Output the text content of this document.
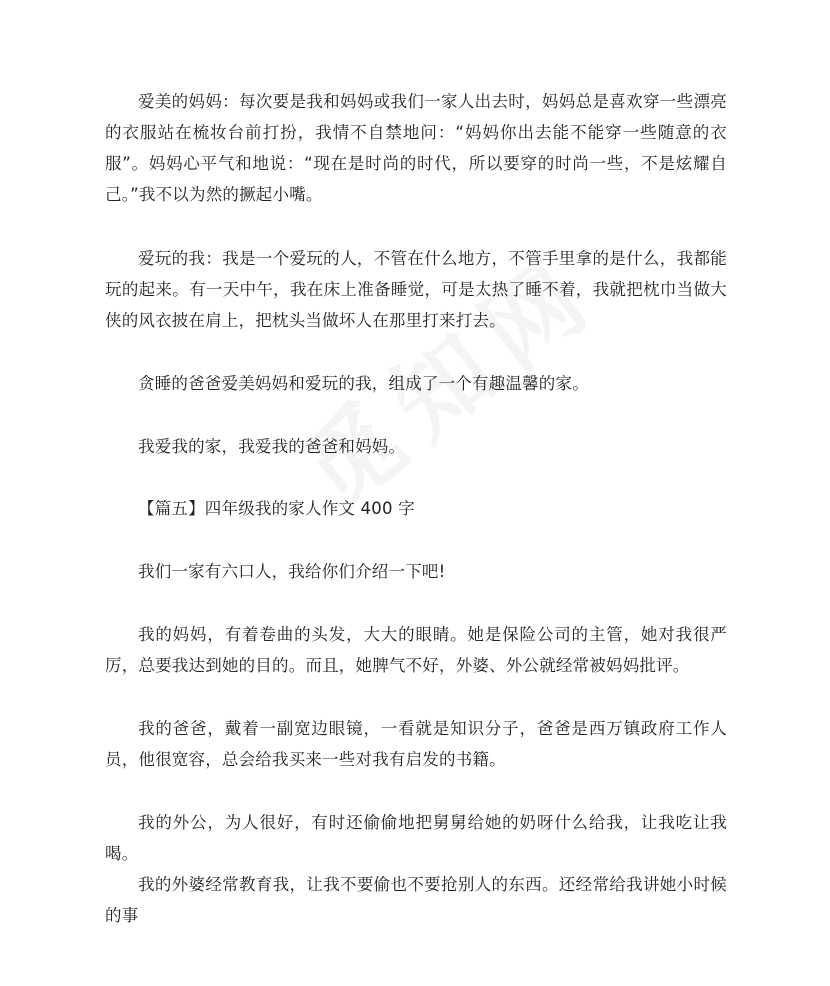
爱美的妈妈：每次要是我和妈妈或我们一家人出去时，妈妈总是喜欢穿一些漂亮的衣服站在梳妆台前打扮，我情不自禁地问：“妈妈你出去能不能穿一些随意的衣服”。妈妈心平气和地说：“现在是时尚的时代，所以要穿的时尚一些，不是炫耀自己。”我不以为然的撅起小嘴。

爱玩的我：我是一个爱玩的人，不管在什么地方，不管手里拿的是什么，我都能玩的起来。有一天中午，我在床上准备睡觉，可是太热了睡不着，我就把枕巾当做大侠的风衣披在肩上，把枕头当做坏人在那里打来打去。

贪睡的爸爸爱美妈妈和爱玩的我，组成了一个有趣温馨的家。

我爱我的家，我爱我的爸爸和妈妈。

【篇五】四年级我的家人作文 400 字

我们一家有六口人，我给你们介绍一下吧!

我的妈妈，有着卷曲的头发，大大的眼睛。她是保险公司的主管，她对我很严厉，总要我达到她的目的。而且，她脾气不好，外婆、外公就经常被妈妈批评。

我的爸爸，戴着一副宽边眼镜，一看就是知识分子，爸爸是西万镇政府工作人员，他很宽容，总会给我买来一些对我有启发的书籍。

我的外公，为人很好，有时还偷偷地把舅舅给她的奶呀什么给我，让我吃让我喝。

我的外婆经常教育我，让我不要偷也不要抢别人的东西。还经常给我讲她小时候的事
